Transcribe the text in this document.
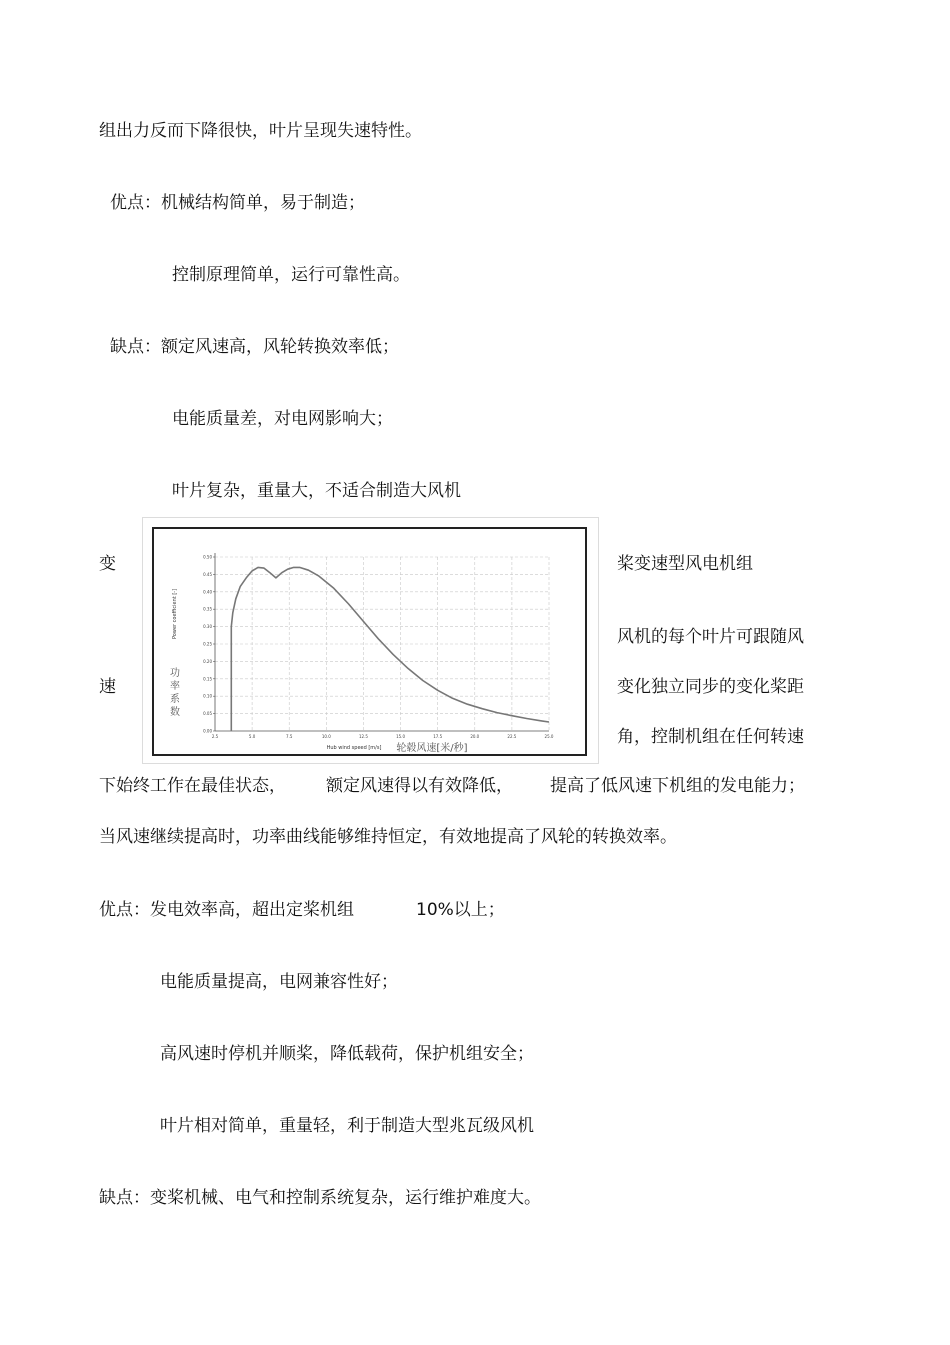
组出力反而下降很快，叶片呈现失速特性。
优点：机械结构简单，易于制造；
控制原理简单，运行可靠性高。
缺点：额定风速高，风轮转换效率低；
电能质量差，对电网影响大；
叶片复杂，重量大，不适合制造大风机
变
速
桨变速型风电机组
风机的每个叶片可跟随风
变化独立同步的变化桨距
角，控制机组在任何转速
2.5	5.0	7.5	10.0	12.5	15.0	17.5	20.0	22.5	25.0
0.00
0.05
0.10
0.15
0.20
0.25
0.30
0.35
0.40
0.45
0.50
Hub wind speed [m/s] 轮毂风速[米/秒]
Power coefficient [-]
功
率
系
数
下始终工作在最佳状态， 额定风速得以有效降低， 提高了低风速下机组的发电能力；
当风速继续提高时，功率曲线能够维持恒定，有效地提高了风轮的转换效率。
优点：发电效率高，超出定桨机组	10%以上；
电能质量提高，电网兼容性好；
高风速时停机并顺桨，降低载荷，保护机组安全；
叶片相对简单，重量轻，利于制造大型兆瓦级风机
缺点：变桨机械、电气和控制系统复杂，运行维护难度大。
